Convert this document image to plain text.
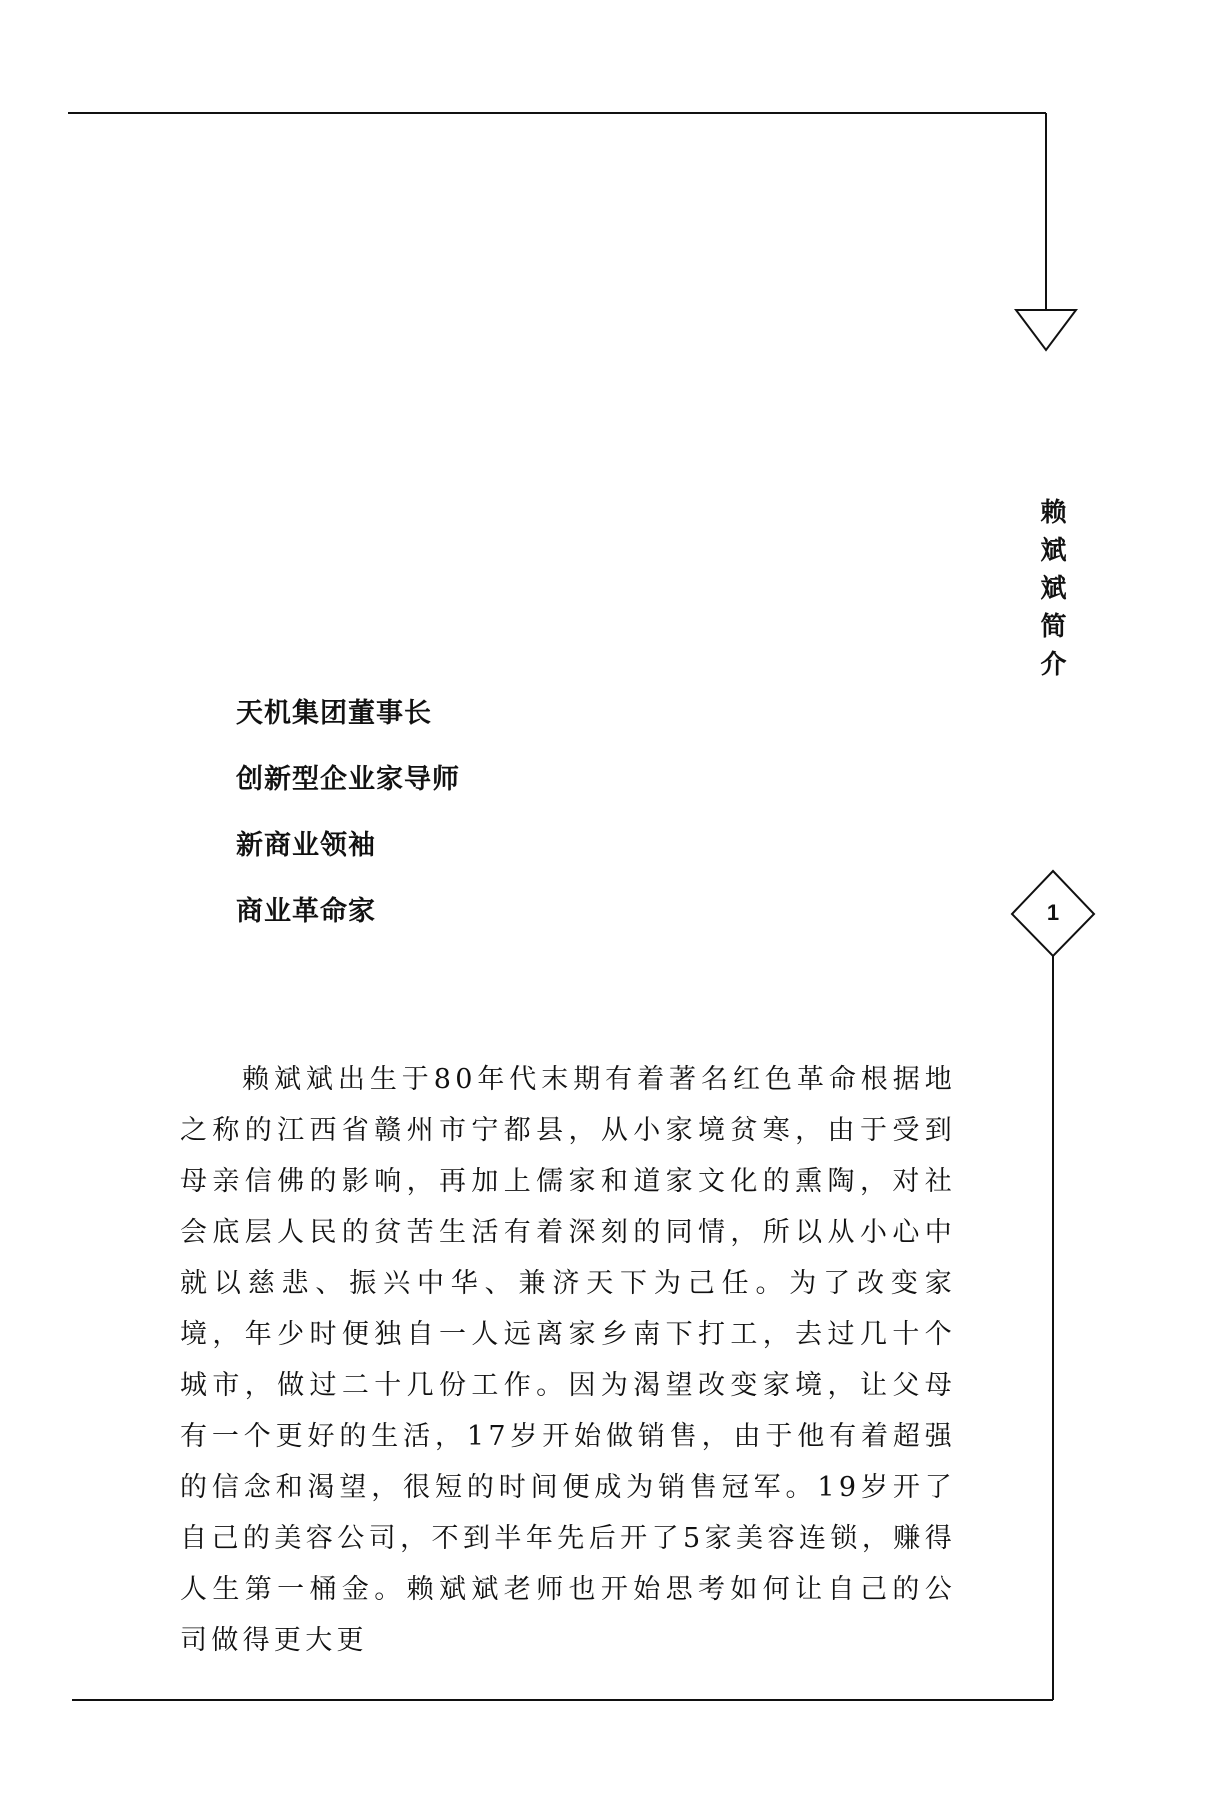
赖斌斌简介
1
天机集团董事长
创新型企业家导师
新商业领袖
商业革命家

赖斌斌出生于80年代末期有着著名红色革命根据地之称的江西省赣州市宁都县，从小家境贫寒，由于受到母亲信佛的影响，再加上儒家和道家文化的熏陶，对社会底层人民的贫苦生活有着深刻的同情，所以从小心中就以慈悲、振兴中华、兼济天下为己任。为了改变家境，年少时便独自一人远离家乡南下打工，去过几十个城市，做过二十几份工作。因为渴望改变家境，让父母有一个更好的生活，17岁开始做销售，由于他有着超强的信念和渴望，很短的时间便成为销售冠军。19岁开了自己的美容公司，不到半年先后开了5家美容连锁，赚得人生第一桶金。赖斌斌老师也开始思考如何让自己的公司做得更大更
